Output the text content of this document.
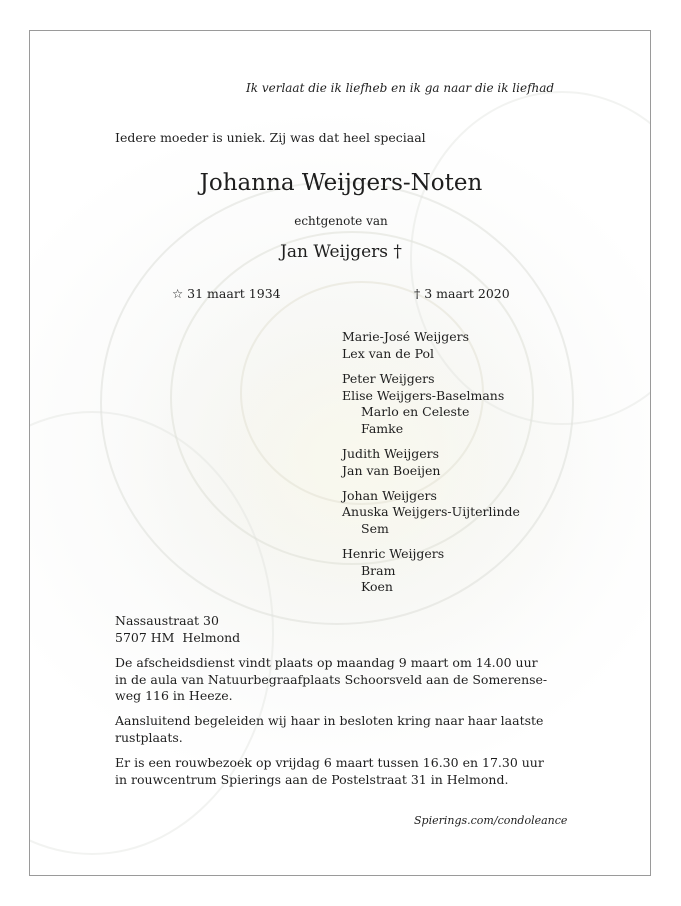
Ik verlaat die ik liefheb en ik ga naar die ik liefhad
Iedere moeder is uniek. Zij was dat heel speciaal
Johanna Weijgers-Noten
echtgenote van
Jan Weijgers †
☆ 31 maart 1934	† 3 maart 2020
Marie-José Weijgers
Lex van de Pol
Peter Weijgers
Elise Weijgers-Baselmans
Marlo en Celeste
Famke
Judith Weijgers
Jan van Boeijen
Johan Weijgers
Anuska Weijgers-Uijterlinde
Sem
Henric Weijgers
Bram
Koen
Nassaustraat 30
5707 HM  Helmond
De afscheidsdienst vindt plaats op maandag 9 maart om 14.00 uur
in de aula van Natuurbegraafplaats Schoorsveld aan de Somerense-
weg 116 in Heeze.
Aansluitend begeleiden wij haar in besloten kring naar haar laatste
rustplaats.
Er is een rouwbezoek op vrijdag 6 maart tussen 16.30 en 17.30 uur
in rouwcentrum Spierings aan de Postelstraat 31 in Helmond.
Spierings.com/condoleance
